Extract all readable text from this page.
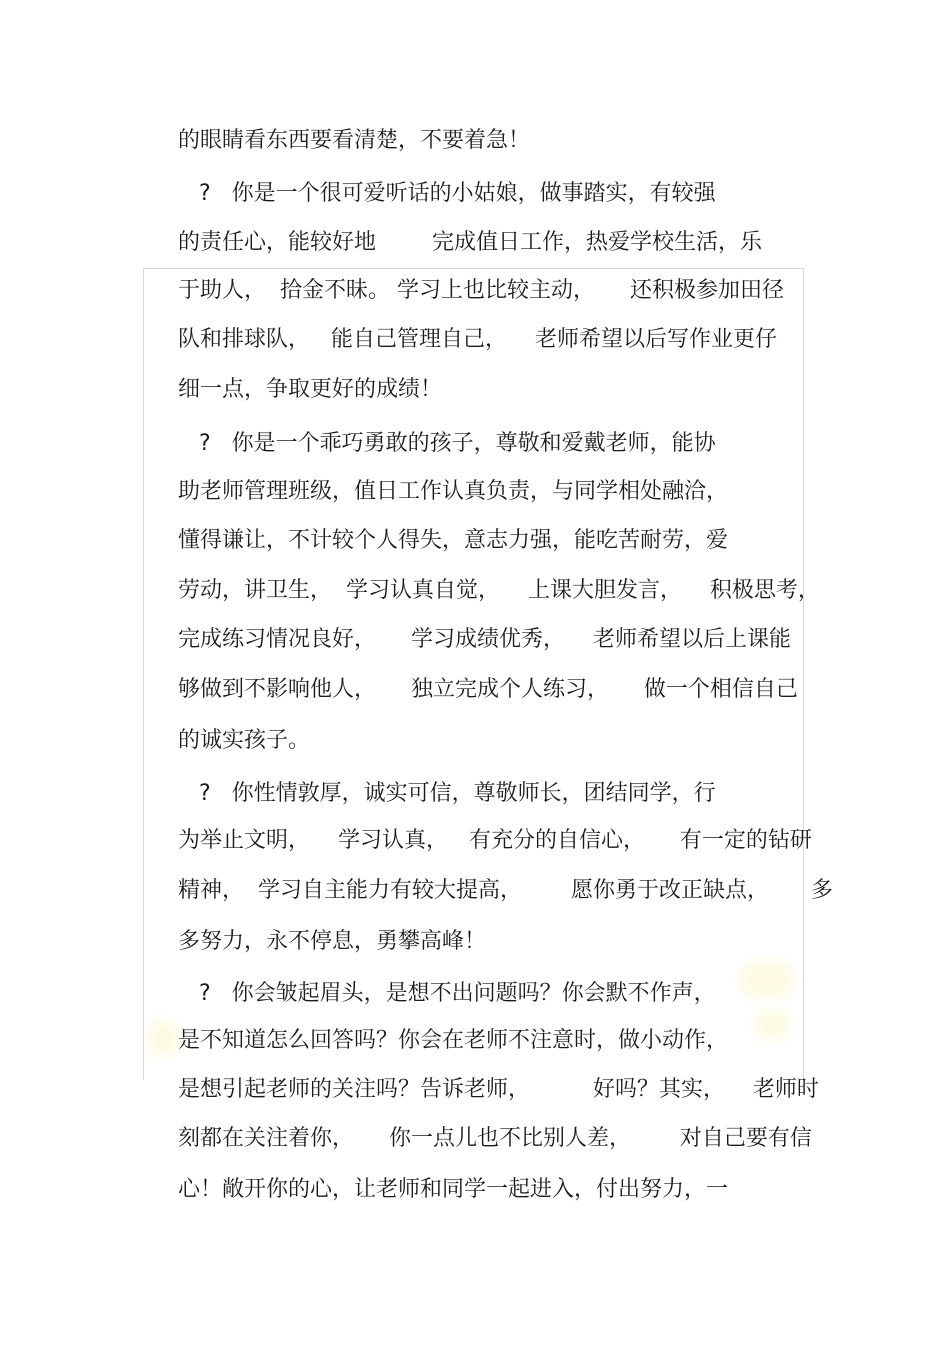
的眼睛看东西要看清楚，不要着急！
?   你是一个很可爱听话的小姑娘，做事踏实，有较强
的责任心，能较好地        完成值日工作，热爱学校生活，乐
于助人，  拾金不昧。 学习上也比较主动，     还积极参加田径
队和排球队，   能自己管理自己，    老师希望以后写作业更仔
细一点，争取更好的成绩！
?   你是一个乖巧勇敢的孩子，尊敬和爱戴老师，能协
助老师管理班级，值日工作认真负责，与同学相处融洽，
懂得谦让，不计较个人得失，意志力强，能吃苦耐劳，爱
劳动，讲卫生，  学习认真自觉，    上课大胆发言，    积极思考，
完成练习情况良好，     学习成绩优秀，    老师希望以后上课能
够做到不影响他人，     独立完成个人练习，     做一个相信自己
的诚实孩子。
?   你性情敦厚，诚实可信，尊敬师长，团结同学，行
为举止文明，    学习认真，   有充分的自信心，     有一定的钻研
精神，  学习自主能力有较大提高，       愿你勇于改正缺点，      多
多努力，永不停息，勇攀高峰！
?   你会皱起眉头，是想不出问题吗？你会默不作声，
是不知道怎么回答吗？你会在老师不注意时，做小动作，
是想引起老师的关注吗？告诉老师，         好吗？其实，    老师时
刻都在关注着你，     你一点儿也不比别人差，       对自己要有信
心！敞开你的心，让老师和同学一起进入，付出努力，一
